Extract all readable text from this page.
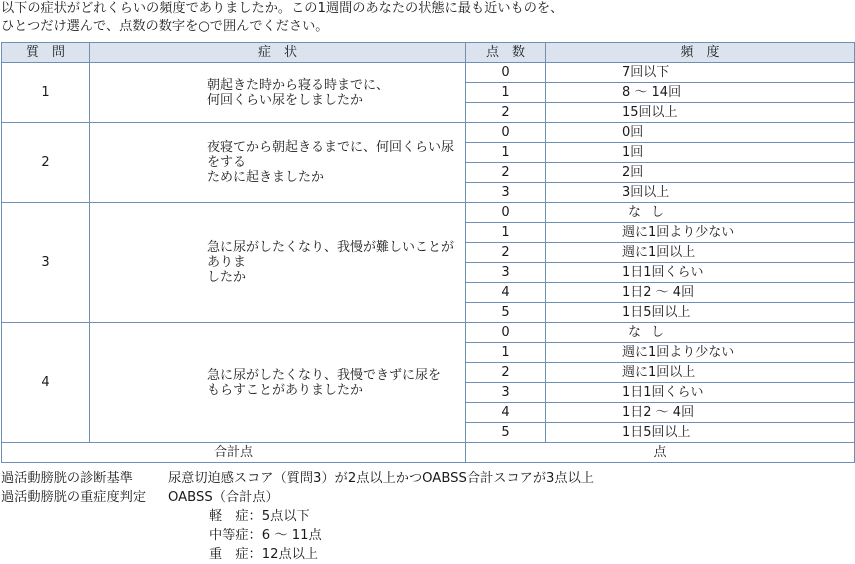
以下の症状がどれくらいの頻度でありましたか。この1週間のあなたの状態に最も近いものを、
ひとつだけ選んで、点数の数字を○で囲んでください。
質　問	症　状	点　数	頻　度
1	朝起きた時から寝る時までに、
何回くらい尿をしましたか	0	7回以下
		1	8 ～ 14回
		2	15回以上
2	夜寝てから朝起きるまでに、何回くらい尿をする
ために起きましたか	0	0回
		1	1回
		2	2回
		3	3回以上
3	急に尿がしたくなり、我慢が難しいことがありま
したか	0	なし
		1	週に1回より少ない
		2	週に1回以上
		3	1日1回くらい
		4	1日2 ～ 4回
		5	1日5回以上
4	急に尿がしたくなり、我慢できずに尿を
もらすことがありましたか	0	なし
		1	週に1回より少ない
		2	週に1回以上
		3	1日1回くらい
		4	1日2 ～ 4回
		5	1日5回以上
合計点		点	
過活動膀胱の診断基準	尿意切迫感スコア（質問3）が2点以上かつOABSS合計スコアが3点以上
過活動膀胱の重症度判定 OABSS（合計点）
軽　症：5点以下
中等症：6 ～ 11点
重　症：12点以上
